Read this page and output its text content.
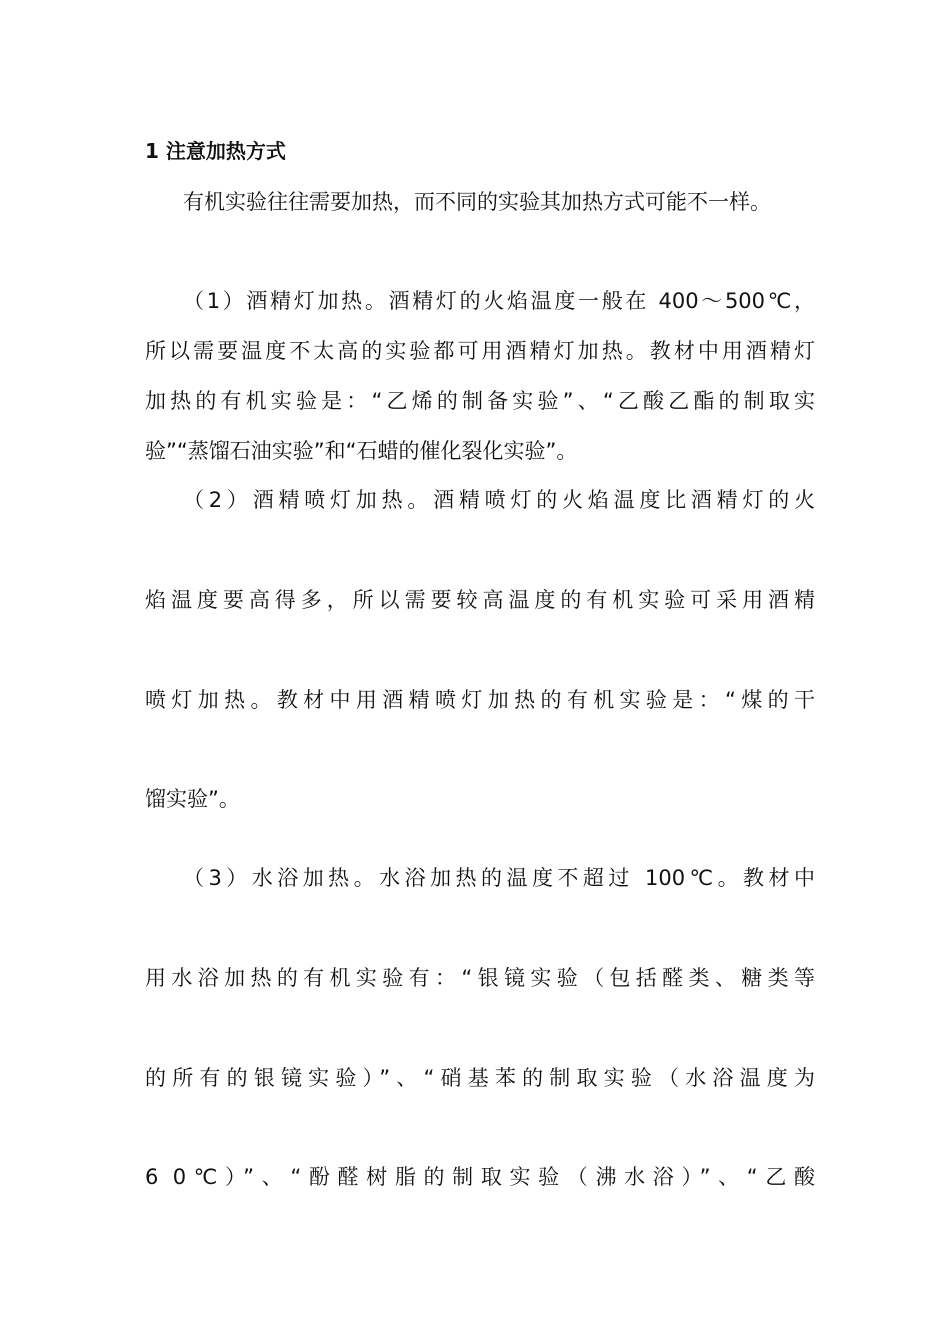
1 注意加热方式
有机实验往往需要加热，而不同的实验其加热方式可能不一样。
（1）酒精灯加热。酒精灯的火焰温度一般在 400～500℃，
所以需要温度不太高的实验都可用酒精灯加热。教材中用酒精灯
加热的有机实验是：“乙烯的制备实验”、“乙酸乙酯的制取实
验”“蒸馏石油实验”和“石蜡的催化裂化实验”。
（2）酒精喷灯加热。酒精喷灯的火焰温度比酒精灯的火
焰温度要高得多，所以需要较高温度的有机实验可采用酒精
喷灯加热。教材中用酒精喷灯加热的有机实验是：“煤的干
馏实验”。
（3）水浴加热。水浴加热的温度不超过 100℃。教材中
用水浴加热的有机实验有：“银镜实验（包括醛类、糖类等
的所有的银镜实验）”、“硝基苯的制取实验（水浴温度为
6 0℃）”、“酚醛树脂的制取实验（沸水浴）”、“乙酸
